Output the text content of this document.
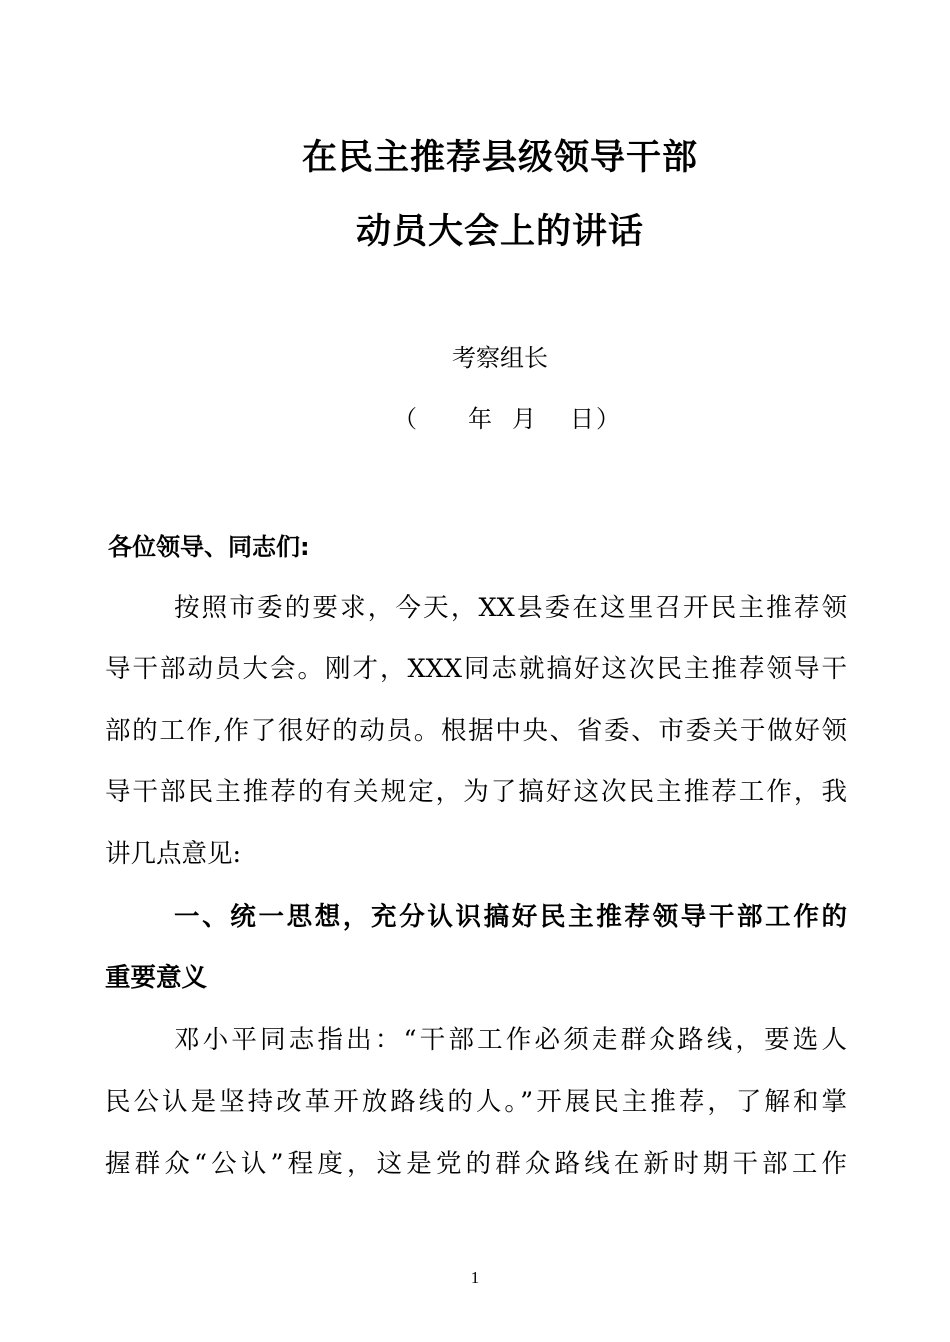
在民主推荐县级领导干部
动员大会上的讲话
考察组长
（ 年 月 日 ）
各位领导、同志们:
按照市委的要求，今天，XX县委在这里召开民主推荐领
导干部动员大会。刚才，XXX同志就搞好这次民主推荐领导干
部的工作,作了很好的动员。根据中央、省委、市委关于做好领
导干部民主推荐的有关规定，为了搞好这次民主推荐工作，我
讲几点意见:
一、统一思想，充分认识搞好民主推荐领导干部工作的
重要意义
邓小平同志指出：“干部工作必须走群众路线，要选人
民公认是坚持改革开放路线的人。”开展民主推荐，了解和掌
握群众“公认”程度，这是党的群众路线在新时期干部工作
1
